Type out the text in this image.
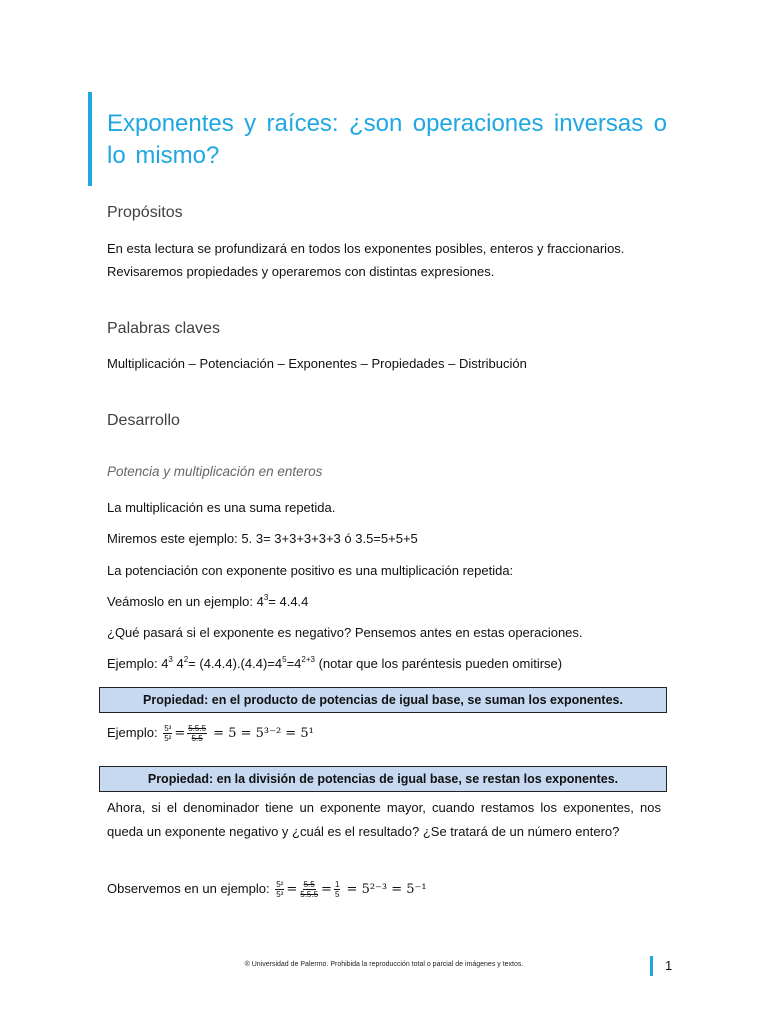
Exponentes y raíces: ¿son operaciones inversas o lo mismo?
Propósitos
En esta lectura se profundizará en todos los exponentes posibles, enteros y fraccionarios.
Revisaremos propiedades y operaremos con distintas expresiones.
Palabras claves
Multiplicación – Potenciación – Exponentes – Propiedades – Distribución
Desarrollo
Potencia y multiplicación en enteros
La multiplicación es una suma repetida.
Miremos este ejemplo: 5. 3= 3+3+3+3+3 ó 3.5=5+5+5
La potenciación con exponente positivo es una multiplicación repetida:
Veámoslo en un ejemplo: $4^3= 4.4.4$
¿Qué pasará si el exponente es negativo? Pensemos antes en estas operaciones.
Ejemplo: $4^3$ $4^2= (4.4.4).(4.4)=4^5=4^{2+3}$ (notar que los paréntesis pueden omitirse)
Propiedad: en el producto de potencias de igual base, se suman los exponentes.
Ejemplo: $\frac{\text{5³}}{\text{5²}} = \frac{5.5.5}{5.5} = 5 = 5^{3-2} = 5^1$
Propiedad: en la división de potencias de igual base, se restan los exponentes.
Ahora, si el denominador tiene un exponente mayor, cuando restamos los exponentes, nos queda un exponente negativo y ¿cuál es el resultado? ¿Se tratará de un número entero?
Observemos en un ejemplo: $\frac{\text{5²}}{\text{5³}} = \frac{5.5}{5.5.5} = \frac{1}{5} = 5^{2-3} = 5^{-1}$
® Universidad de Palermo. Prohibida la reproducción total o parcial de imágenes y textos.	1
